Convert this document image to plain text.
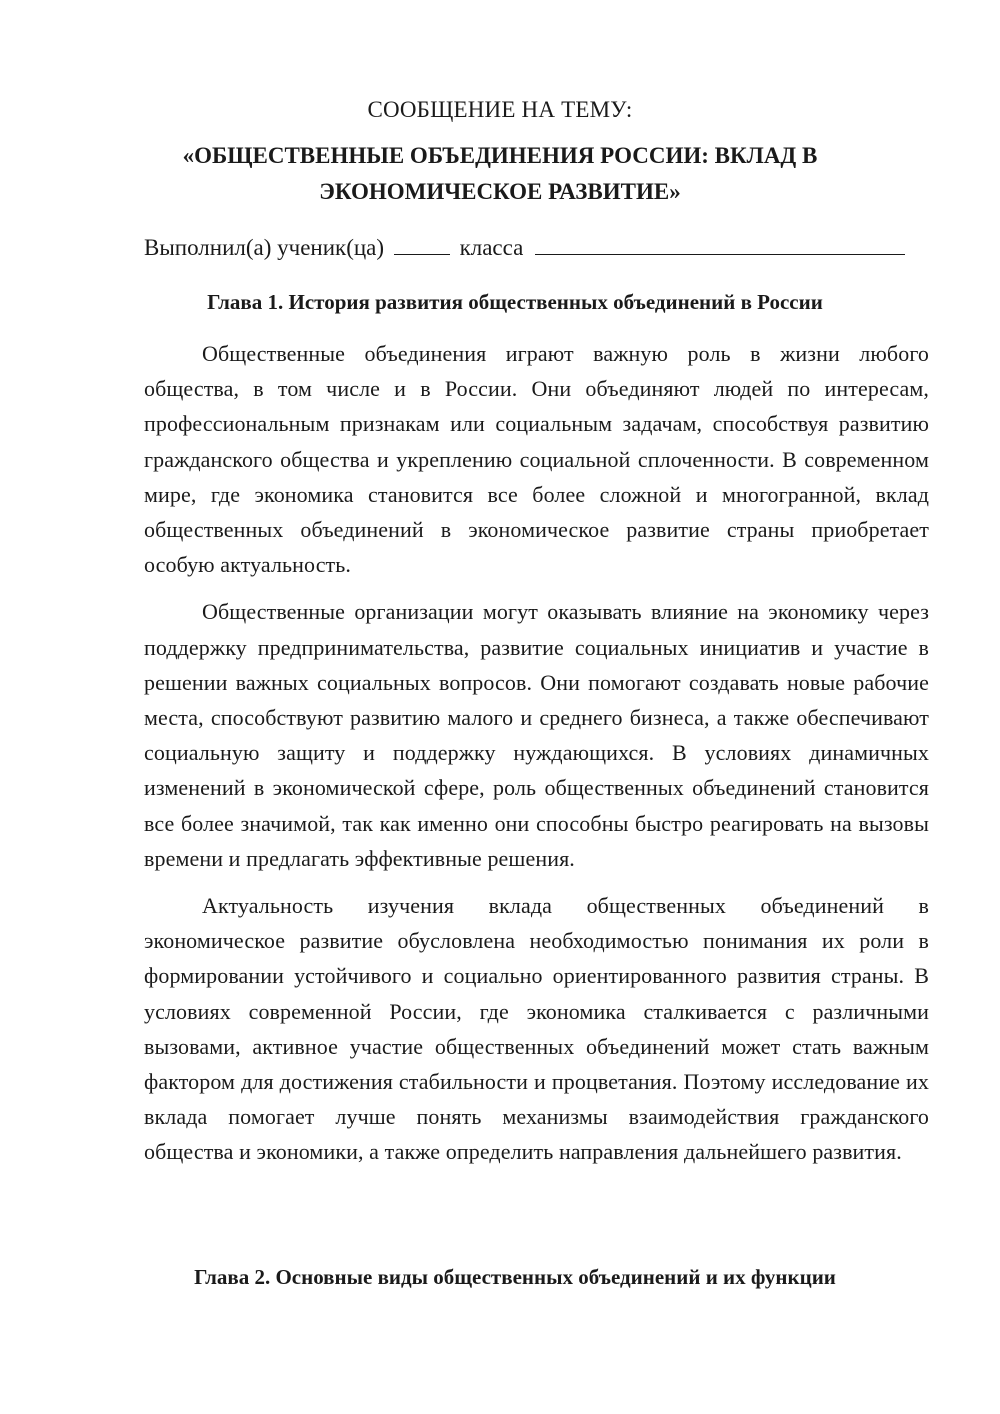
СООБЩЕНИЕ НА ТЕМУ:

«ОБЩЕСТВЕННЫЕ ОБЪЕДИНЕНИЯ РОССИИ: ВКЛАД В ЭКОНОМИЧЕСКОЕ РАЗВИТИЕ»

Выполнил(а) ученик(ца)	класса
Глава 1. История развития общественных объединений в России

Общественные объединения играют важную роль в жизни любого общества, в том числе и в России. Они объединяют людей по интересам, профессиональным признакам или социальным задачам, способствуя развитию гражданского общества и укреплению социальной сплоченности. В современном мире, где экономика становится все более сложной и многогранной, вклад общественных объединений в экономическое развитие страны приобретает особую актуальность.

Общественные организации могут оказывать влияние на экономику через поддержку предпринимательства, развитие социальных инициатив и участие в решении важных социальных вопросов. Они помогают создавать новые рабочие места, способствуют развитию малого и среднего бизнеса, а также обеспечивают социальную защиту и поддержку нуждающихся. В условиях динамичных изменений в экономической сфере, роль общественных объединений становится все более значимой, так как именно они способны быстро реагировать на вызовы времени и предлагать эффективные решения.

Актуальность изучения вклада общественных объединений в экономическое развитие обусловлена необходимостью понимания их роли в формировании устойчивого и социально ориентированного развития страны. В условиях современной России, где экономика сталкивается с различными вызовами, активное участие общественных объединений может стать важным фактором для достижения стабильности и процветания. Поэтому исследование их вклада помогает лучше понять механизмы взаимодействия гражданского общества и экономики, а также определить направления дальнейшего развития.

Глава 2. Основные виды общественных объединений и их функции
